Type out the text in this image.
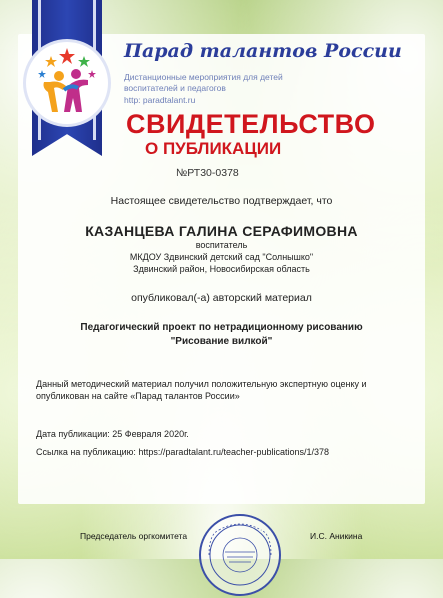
Парад талантов России
Дистанционные мероприятия для детей воспитателей и педагогов
http: paradtalant.ru
СВИДЕТЕЛЬСТВО
О ПУБЛИКАЦИИ
№РТ30-0378
Настоящее свидетельство подтверждает, что
КАЗАНЦЕВА ГАЛИНА СЕРАФИМОВНА
воспитатель
МКДОУ Здвинский детский сад "Солнышко"
Здвинский район, Новосибирская область
опубликовал(-а) авторский материал
Педагогический проект по нетрадиционному рисованию
"Рисование вилкой"
Данный методический материал получил положительную экспертную оценку и опубликован на сайте «Парад талантов России»
Дата публикации: 25 Февраля 2020г.
Ссылка на публикацию: https://paradtalant.ru/teacher-publications/1/378
Председатель оргкомитета	И.С. Аникина
